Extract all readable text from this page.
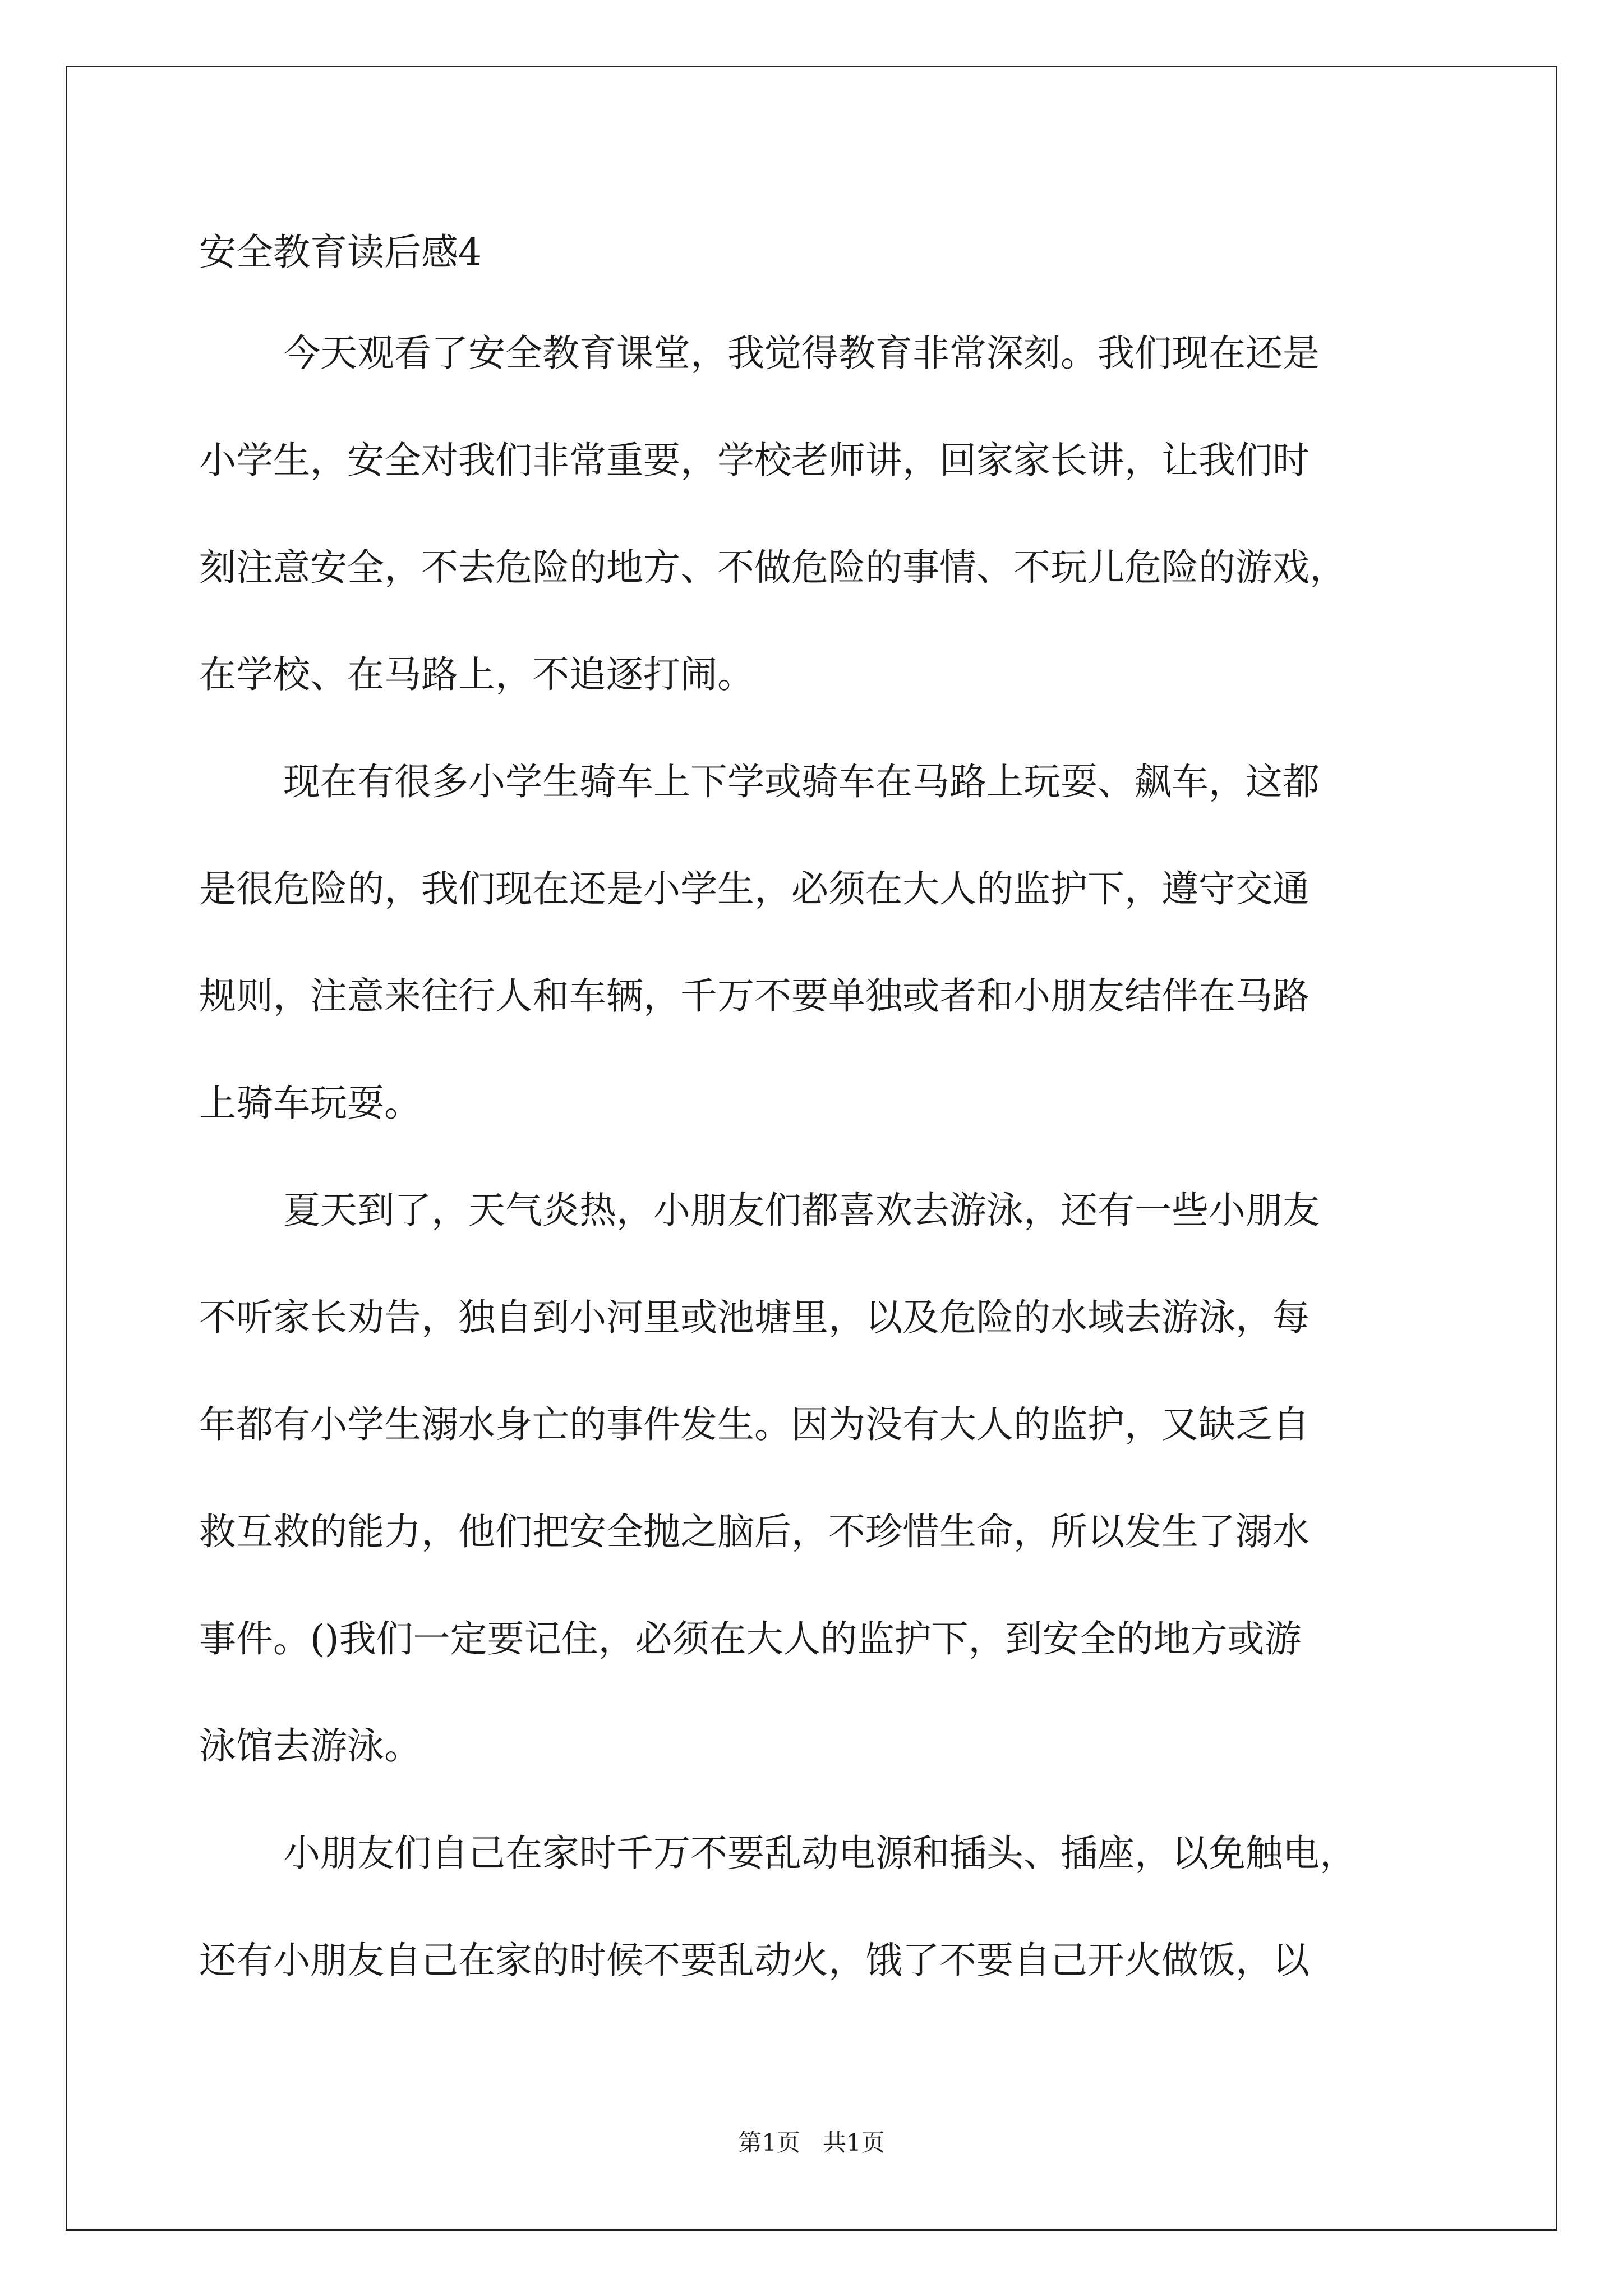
安全教育读后感4
今天观看了安全教育课堂，我觉得教育非常深刻。我们现在还是
小学生，安全对我们非常重要，学校老师讲，回家家长讲，让我们时
刻注意安全，不去危险的地方、不做危险的事情、不玩儿危险的游戏，
在学校、在马路上，不追逐打闹。
现在有很多小学生骑车上下学或骑车在马路上玩耍、飙车，这都
是很危险的，我们现在还是小学生，必须在大人的监护下，遵守交通
规则，注意来往行人和车辆，千万不要单独或者和小朋友结伴在马路
上骑车玩耍。
夏天到了，天气炎热，小朋友们都喜欢去游泳，还有一些小朋友
不听家长劝告，独自到小河里或池塘里，以及危险的水域去游泳，每
年都有小学生溺水身亡的事件发生。因为没有大人的监护，又缺乏自
救互救的能力，他们把安全抛之脑后，不珍惜生命，所以发生了溺水
事件。()我们一定要记住，必须在大人的监护下，到安全的地方或游
泳馆去游泳。
小朋友们自己在家时千万不要乱动电源和插头、插座，以免触电，
还有小朋友自己在家的时候不要乱动火，饿了不要自己开火做饭，以
第1页   共1页
